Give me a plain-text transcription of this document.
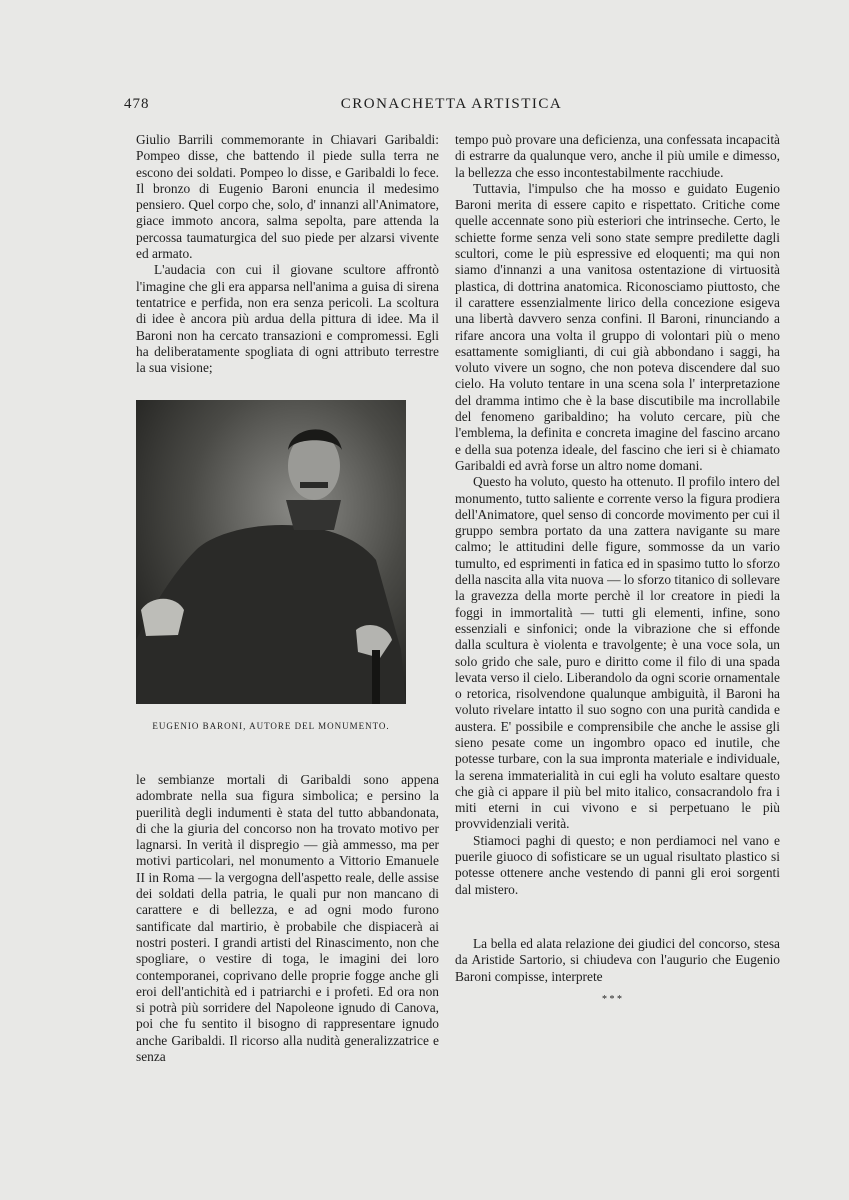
478	CRONACHETTA ARTISTICA

Giulio Barrili commemorante in Chiavari Garibaldi: Pompeo disse, che battendo il piede sulla terra ne escono dei soldati. Pompeo lo disse, e Garibaldi lo fece. Il bronzo di Eugenio Baroni enuncia il medesimo pensiero. Quel corpo che, solo, d' innanzi all'Animatore, giace immoto ancora, salma sepolta, pare attenda la percossa taumaturgica del suo piede per alzarsi vivente ed armato.

L'audacia con cui il giovane scultore affrontò l'imagine che gli era apparsa nell'anima a guisa di sirena tentatrice e perfida, non era senza pericoli. La scoltura di idee è ancora più ardua della pittura di idee. Ma il Baroni non ha cercato transazioni e compromessi. Egli ha deliberatamente spogliata di ogni attributo terrestre la sua visione;

EUGENIO BARONI, AUTORE DEL MONUMENTO.

le sembianze mortali di Garibaldi sono appena adombrate nella sua figura simbolica; e persino la puerilità degli indumenti è stata del tutto abbandonata, di che la giuria del concorso non ha trovato motivo per lagnarsi. In verità il dispregio — già ammesso, ma per motivi particolari, nel monumento a Vittorio Emanuele II in Roma — la vergogna dell'aspetto reale, delle assise dei soldati della patria, le quali pur non mancano di carattere e di bellezza, e ad ogni modo furono santificate dal martirio, è probabile che dispiacerà ai nostri posteri. I grandi artisti del Rinascimento, non che spogliare, o vestire di toga, le imagini dei loro contemporanei, coprivano delle proprie fogge anche gli eroi dell'antichità ed i patriarchi e i profeti. Ed ora non si potrà più sorridere del Napoleone ignudo di Canova, poi che fu sentito il bisogno di rappresentare ignudo anche Garibaldi. Il ricorso alla nudità generalizzatrice e senza

tempo può provare una deficienza, una confessata incapacità di estrarre da qualunque vero, anche il più umile e dimesso, la bellezza che esso incontestabilmente racchiude.

Tuttavia, l'impulso che ha mosso e guidato Eugenio Baroni merita di essere capito e rispettato. Critiche come quelle accennate sono più esteriori che intrinseche. Certo, le schiette forme senza veli sono state sempre predilette dagli scultori, come le più espressive ed eloquenti; ma qui non siamo d'innanzi a una vanitosa ostentazione di virtuosità plastica, di dottrina anatomica. Riconosciamo piuttosto, che il carattere essenzialmente lirico della concezione esigeva una libertà davvero senza confini. Il Baroni, rinunciando a rifare ancora una volta il gruppo di volontari più o meno esattamente somiglianti, di cui già abbondano i saggi, ha voluto vivere un sogno, che non poteva discendere dal suo cielo. Ha voluto tentare in una scena sola l' interpretazione del dramma intimo che è la base discutibile ma incrollabile del fenomeno garibaldino; ha voluto cercare, più che l'emblema, la definita e concreta imagine del fascino arcano e della sua potenza ideale, del fascino che ieri si è chiamato Garibaldi ed avrà forse un altro nome domani.

Questo ha voluto, questo ha ottenuto. Il profilo intero del monumento, tutto saliente e corrente verso la figura prodiera dell'Animatore, quel senso di concorde movimento per cui il gruppo sembra portato da una zattera navigante su mare calmo; le attitudini delle figure, sommosse da un vario tumulto, ed esprimenti in fatica ed in spasimo tutto lo sforzo della nascita alla vita nuova — lo sforzo titanico di sollevare la gravezza della morte perchè il lor creatore in piedi la foggi in immortalità — tutti gli elementi, infine, sono essenziali e sinfonici; onde la vibrazione che si effonde dalla scultura è violenta e travolgente; è una voce sola, un solo grido che sale, puro e diritto come il filo di una spada levata verso il cielo. Liberandolo da ogni scorie ornamentale o retorica, risolvendone qualunque ambiguità, il Baroni ha voluto rivelare intatto il suo sogno con una purità candida e austera. E' possibile e comprensibile che anche le assise gli sieno pesate come un ingombro opaco ed inutile, che potesse turbare, con la sua impronta materiale e individuale, la serena immaterialità in cui egli ha voluto esaltare questo che già ci appare il più bel mito italico, consacrandolo fra i miti eterni in cui vivono e si perpetuano le più provvidenziali verità.

Stiamoci paghi di questo; e non perdiamoci nel vano e puerile giuoco di sofisticare se un ugual risultato plastico si potesse ottenere anche vestendo di panni gli eroi sorgenti dal mistero.

La bella ed alata relazione dei giudici del concorso, stesa da Aristide Sartorio, si chiudeva con l'augurio che Eugenio Baroni compisse, interprete

* * *
